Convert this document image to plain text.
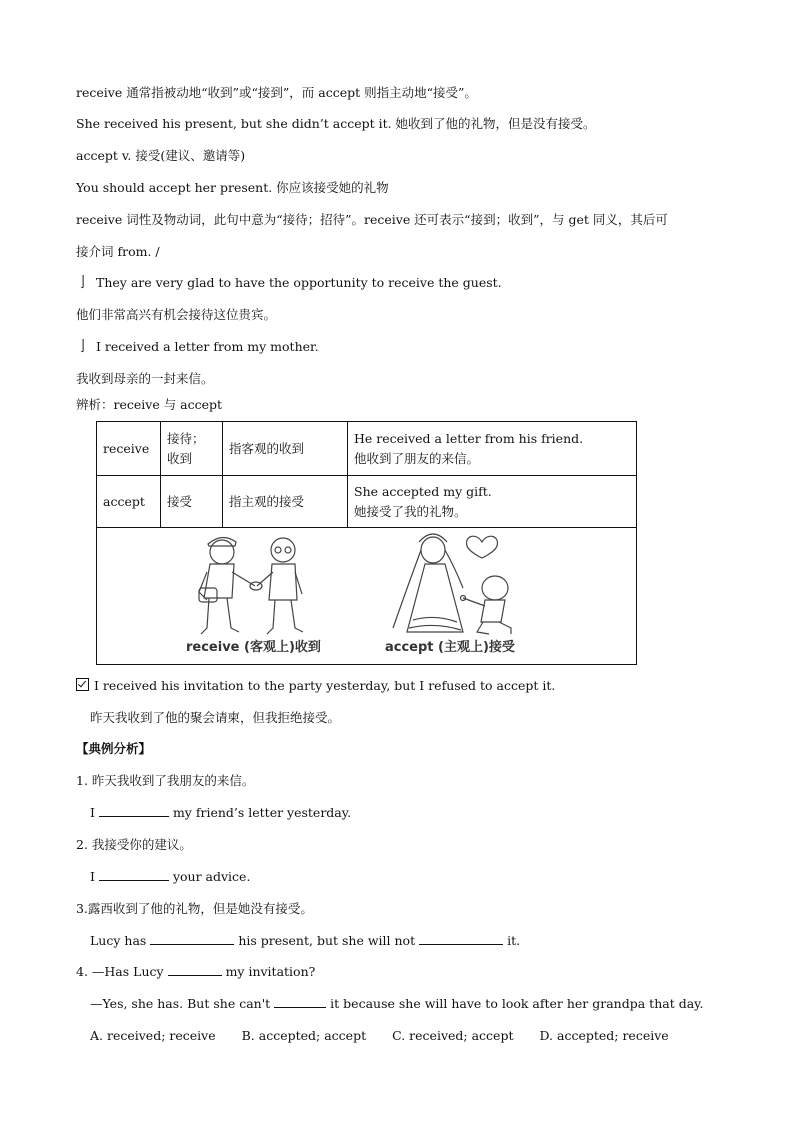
receive 通常指被动地“收到”或“接到”，而 accept 则指主动地“接受”。
She received his present, but she didn’t accept it. 她收到了他的礼物，但是没有接受。
accept v. 接受(建议、邀请等)
You should accept her present. 你应该接受她的礼物
receive 词性及物动词，此句中意为“接待；招待”。receive 还可表示“接到；收到”，与 get 同义，其后可
接介词 from. /
亅 They are very glad to have the opportunity to receive the guest.
他们非常高兴有机会接待这位贵宾。
亅 I received a letter from my mother.
我收到母亲的一封来信。
辨析：receive 与 accept
receive	接待；收到	指客观的收到	He received a letter from his friend.
他收到了朋友的来信。

accept	接受	指主观的接受	She accepted my gift.
她接受了我的礼物。

receive (客观上)收到 accept (主观上)接受			
I received his invitation to the party yesterday, but I refused to accept it.
昨天我收到了他的聚会请柬，但我拒绝接受。
【典例分析】
1. 昨天我收到了我朋友的来信。
I	my friend’s letter yesterday.
2. 我接受你的建议。
I	your advice.
3.露西收到了他的礼物，但是她没有接受。
Lucy has	his present, but she will not	it.
4. —Has Lucy	my invitation?
—Yes, she has. But she can't	it because she will have to look after her grandpa that day.
A. received; receive B. accepted; accept C. received; accept D. accepted; receive
